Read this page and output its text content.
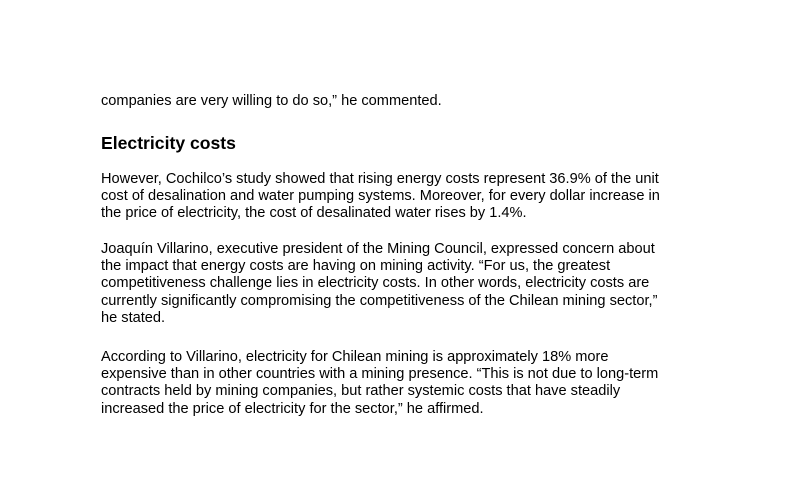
companies are very willing to do so,” he commented.

Electricity costs

However, Cochilco’s study showed that rising energy costs represent 36.9% of the unit
cost of desalination and water pumping systems. Moreover, for every dollar increase in
the price of electricity, the cost of desalinated water rises by 1.4%.

Joaquín Villarino, executive president of the Mining Council, expressed concern about
the impact that energy costs are having on mining activity. “For us, the greatest
competitiveness challenge lies in electricity costs. In other words, electricity costs are
currently significantly compromising the competitiveness of the Chilean mining sector,”
he stated.

According to Villarino, electricity for Chilean mining is approximately 18% more
expensive than in other countries with a mining presence. “This is not due to long-term
contracts held by mining companies, but rather systemic costs that have steadily
increased the price of electricity for the sector,” he affirmed.
